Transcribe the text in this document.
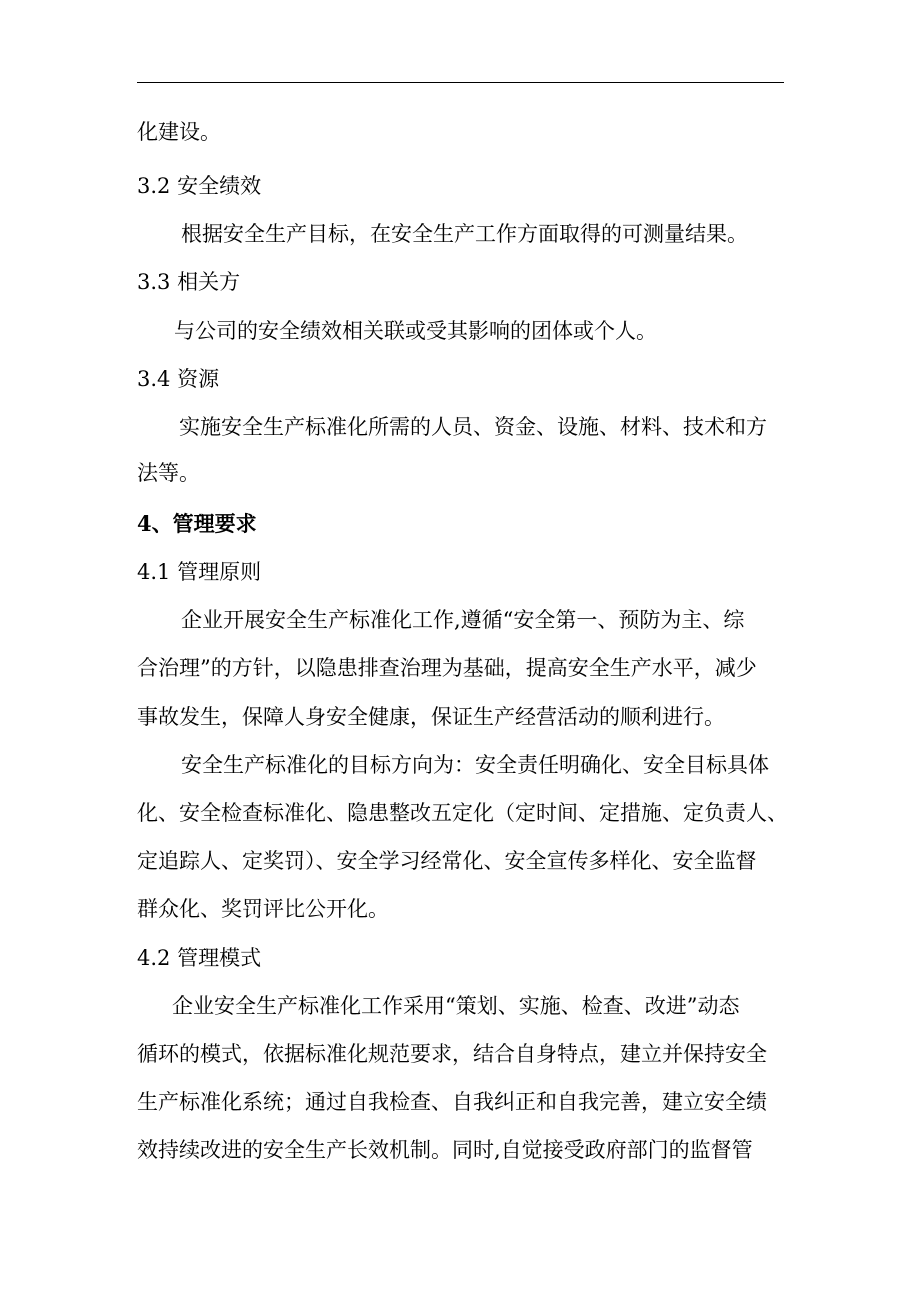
化建设。
3.2 安全绩效
根据安全生产目标，在安全生产工作方面取得的可测量结果。
3.3 相关方
与公司的安全绩效相关联或受其影响的团体或个人。
3.4 资源
实施安全生产标准化所需的人员、资金、设施、材料、技术和方
法等。
4、管理要求
4.1 管理原则
企业开展安全生产标准化工作,遵循“安全第一、预防为主、综
合治理”的方针，以隐患排查治理为基础，提高安全生产水平，减少
事故发生，保障人身安全健康，保证生产经营活动的顺利进行。
安全生产标准化的目标方向为：安全责任明确化、安全目标具体
化、安全检查标准化、隐患整改五定化（定时间、定措施、定负责人、
定追踪人、定奖罚）、安全学习经常化、安全宣传多样化、安全监督
群众化、奖罚评比公开化。
4.2 管理模式
企业安全生产标准化工作采用“策划、实施、检查、改进”动态
循环的模式，依据标准化规范要求，结合自身特点，建立并保持安全
生产标准化系统；通过自我检查、自我纠正和自我完善，建立安全绩
效持续改进的安全生产长效机制。同时,自觉接受政府部门的监督管
